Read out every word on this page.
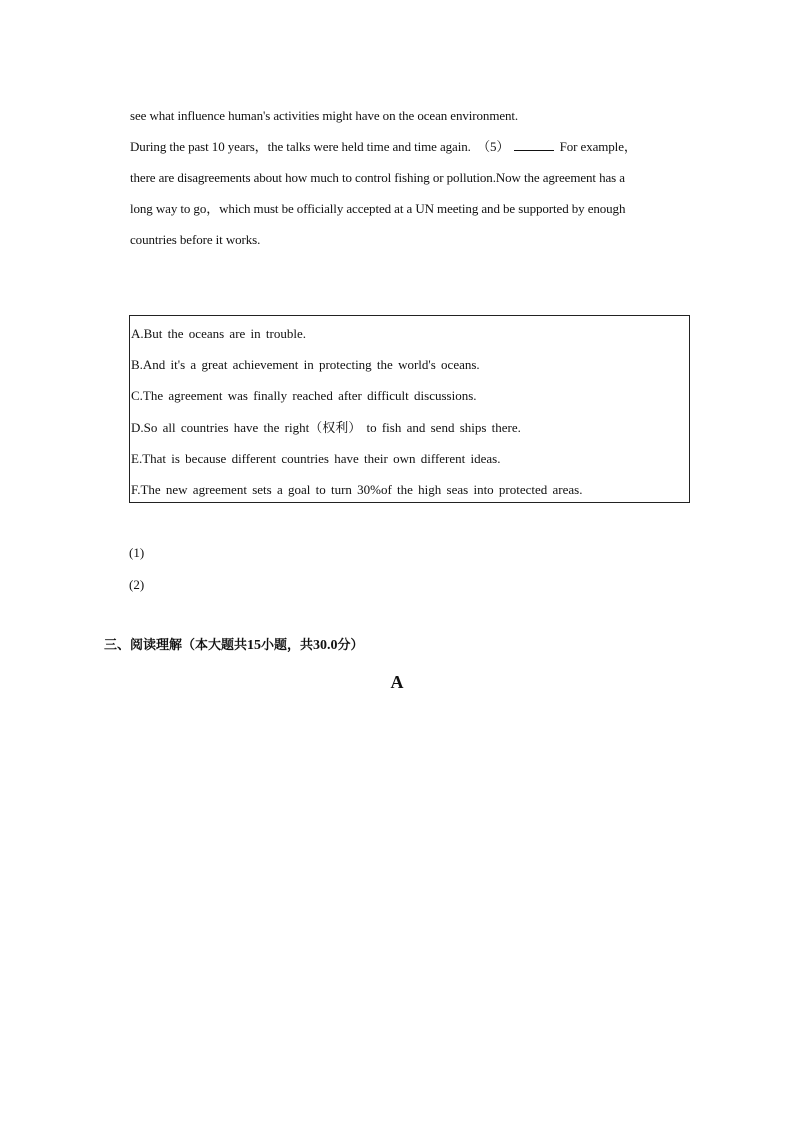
see what influence human's activities might have on the ocean environment.

During the past 10 years，the talks were held time and time again. （5）	For example，

there are disagreements about how much to control fishing or pollution.Now the agreement has a

long way to go，which must be officially accepted at a UN meeting and be supported by enough

countries before it works.

A.But the oceans are in trouble.
B.And it's a great achievement in protecting the world's oceans.
C.The agreement was finally reached after difficult discussions.
D.So all countries have the right（权利） to fish and send ships there.
E.That is because different countries have their own different ideas.
F.The new agreement sets a goal to turn 30%of the high seas into protected areas.
(1)
(2)
三、阅读理解（本大题共15小题，共30.0分）
A
